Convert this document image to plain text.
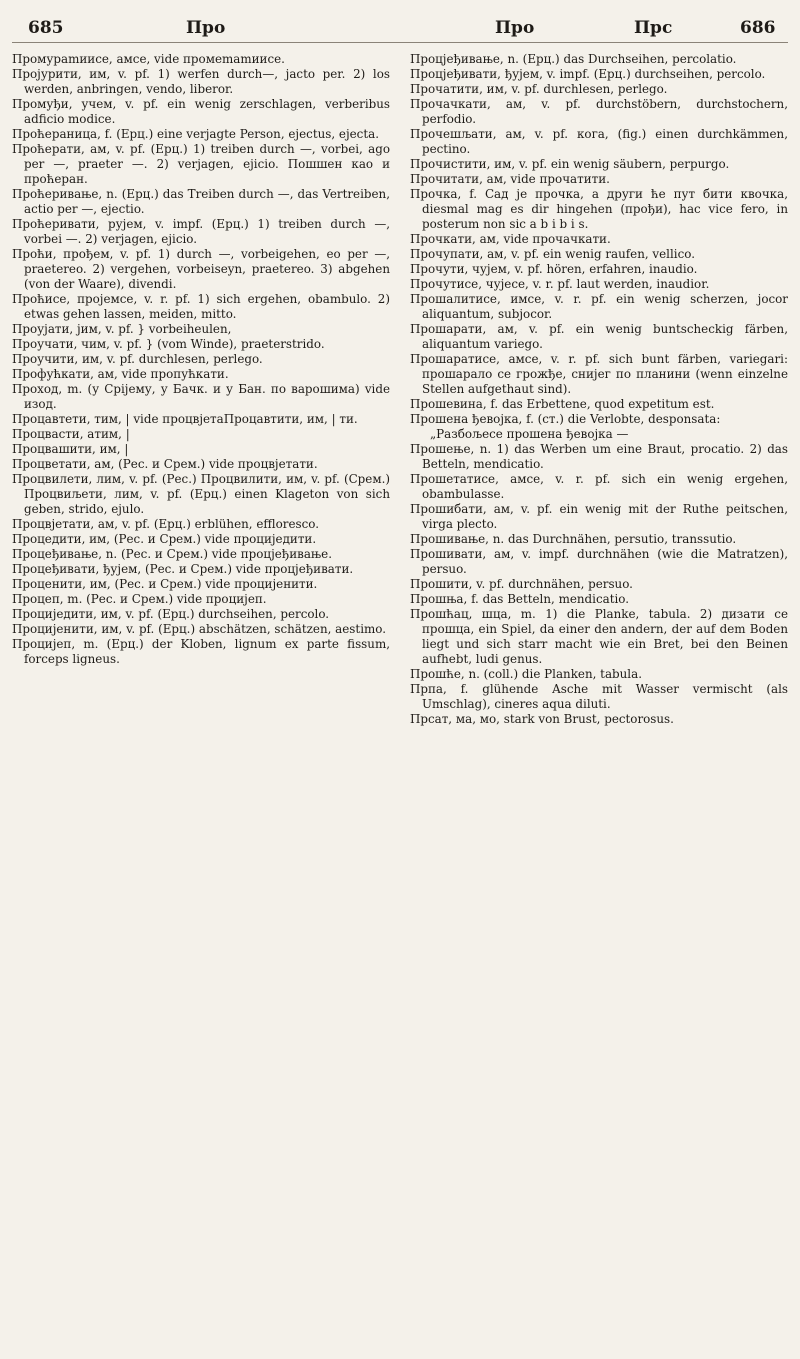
685	Про	Про	Прс	686

Промураmиисе, амсе, vide промеmаmиисе.

Пројурити, им, v. pf. 1) werfen durch—, jacto per. 2) los werden, anbringen, vendo, liberor.

Промуђи, учем, v. pf. ein wenig zerschlagen, verberibus adficio modice.

Проћераница, f. (Ерц.) eine verjagte Person, ejectus, ejecta.

Проћерати, ам, v. pf. (Ерц.) 1) treiben durch —, vorbei, ago per —, praeter —. 2) verjagen, ejicio. Пошшен као и проћеран.

Проћеривање, n. (Ерц.) das Treiben durch —, das Vertreiben, actio per —, ejectio.

Проћеривати, рујем, v. impf. (Ерц.) 1) treiben durch —, vorbei —. 2) verjagen, ejicio.

Проћи, прођем, v. pf. 1) durch —, vorbeigehen, eo per —, praetereo. 2) vergehen, vorbeiseyn, praetereo. 3) abgehen (von der Waare), divendi.

Проћисе, пројемсе, v. r. pf. 1) sich ergehen, obambulo. 2) etwas gehen lassen, meiden, mitto.

Проујати, јим, v. pf. } vorbeiheulen,

Проучати, чим, v. pf. } (vom Winde), praeterstrido.

Проучити, им, v. pf. durchlesen, perlego.

Профућкати, ам, vide пропућкати.

Проход, m. (у Срijему, у Бачк. и у Бан. по варошима) vide изод.

Процавтети, тим, | vide процвjетаПроцавтити, им, | ти.

Процвасти, атим, |

Процвашити, им, |

Процветати, ам, (Рес. и Срем.) vide процвjетати.

Процвилети, лим, v. pf. (Рес.) Процвилити, им, v. pf. (Срем.) Процвиљети, лим, v. pf. (Ерц.) einen Klageton von sich geben, strido, ejulo.

Процвjетати, ам, v. pf. (Ерц.) erblühen, effloresco.

Процедити, им, (Рес. и Срем.) vide процијeдити.

Процеђивање, n. (Рес. и Срем.) vide процјеђивање.

Процеђивати, ђујем, (Рес. и Срем.) vide процјеђивати.

Проценити, им, (Рес. и Срем.) vide процијенити.

Процеп, m. (Рес. и Срем.) vide процијеп.

Процијeдити, им, v. pf. (Ерц.) durchseihen, percolo.

Процијенити, им, v. pf. (Ерц.) abschätzen, schätzen, aestimo.

Процијеп, m. (Ерц.) der Kloben, lignum ex parte fissum, forceps ligneus.

Процјеђивање, n. (Ерц.) das Durchseihen, percolatio.

Процјеђивати, ђујем, v. impf. (Ерц.) durchseihen, percolo.

Прочатити, им, v. pf. durchlesen, perlego.

Прочачкати, ам, v. pf. durchstöbern, durchstochern, perfodio.

Прочешљати, ам, v. pf. кога, (fig.) einen durchkämmen, pectino.

Прочистити, им, v. pf. ein wenig säubern, perpurgo.

Прочитати, ам, vide прочатити.

Прочка, f. Сад је прочка, а други ће пут бити квочка, diesmal mag es dir hingehen (прођи), hac vice fero, in posterum non sic a b i b i s.

Прочкати, ам, vide прочачкати.

Прочупати, ам, v. pf. ein wenig raufen, vellico.

Прочути, чујем, v. pf. hören, erfahren, inaudio.

Прочутисе, чујесе, v. r. pf. laut werden, inaudior.

Прошалитисе, имсе, v. r. pf. ein wenig scherzen, jocor aliquantum, subjocor.

Прошарати, ам, v. pf. ein wenig buntscheckig färben, aliquantum variego.

Прошаратисе, амсе, v. r. pf. sich bunt färben, variegari: прошарало се грожђе, снијег по планини (wenn einzelne Stellen aufgethaut sind).

Прошевина, f. das Erbettene, quod expetitum est.

Прошена ђевојка, f. (ст.) die Verlobte, desponsata:

„Разбољесе прошена ђевојка —

Прошење, n. 1) das Werben um eine Braut, procatio. 2) das Betteln, mendicatio.

Прошетатисе, амсе, v. r. pf. sich ein wenig ergehen, obambulasse.

Прошибати, ам, v. pf. ein wenig mit der Ruthe peitschen, virga plecto.

Прошивање, n. das Durchnähen, persutio, transsutio.

Прошивати, ам, v. impf. durchnähen (wie die Matratzen), persuo.

Прошити, v. pf. durchnähen, persuo.

Прошња, f. das Betteln, mendicatio.

Прошћац, шца, m. 1) die Planke, tabula. 2) дизати се прошца, ein Spiel, da einer den andern, der auf dem Boden liegt und sich starr macht wie ein Bret, bei den Beinen aufhebt, ludi genus.

Прошће, n. (coll.) die Planken, tabula.

Прпа, f. glühende Asche mit Wasser vermischt (als Umschlag), cineres aqua diluti.

Прсат, ма, мо, stark von Brust, pectorosus.
